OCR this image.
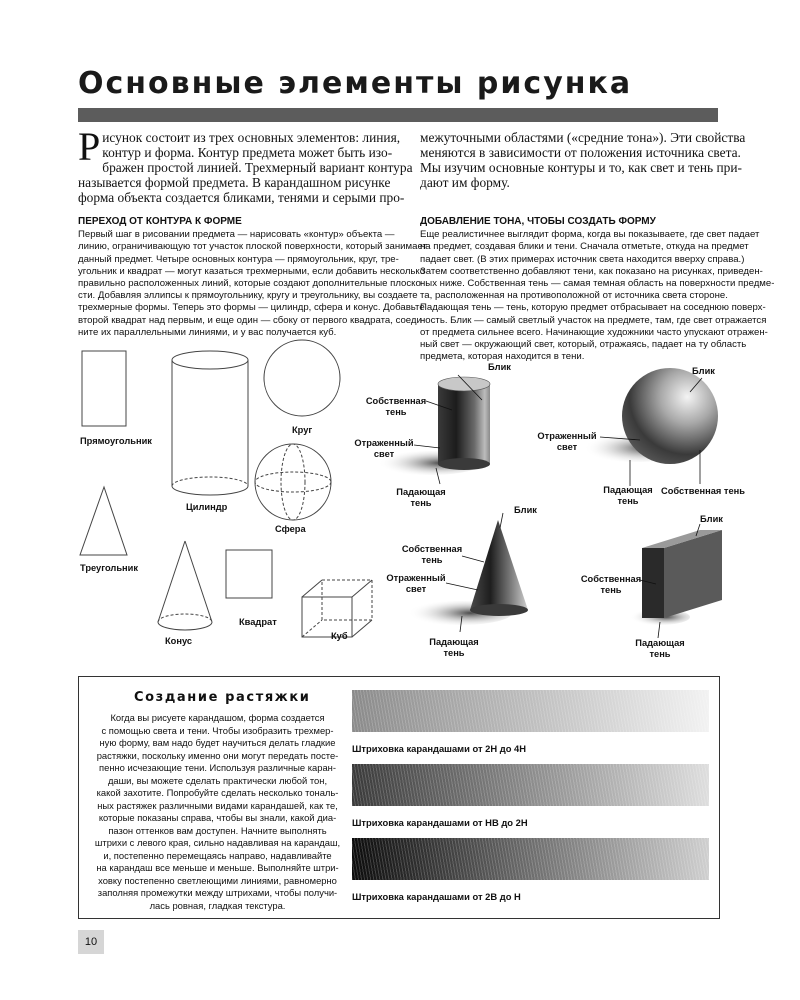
Основные элементы рисунка
Р исунок состоит из трех основных элементов: линия,
контур и форма. Контур предмета может быть изо-
бражен простой линией. Трехмерный вариант контура
называется формой предмета. В карандашном рисунке
форма объекта создается бликами, тенями и серыми про-
межуточными областями («средние тона»). Эти свойства
меняются в зависимости от положения источника света.
Мы изучим основные контуры и то, как свет и тень при-
дают им форму.
ПЕРЕХОД ОТ КОНТУРА К ФОРМЕ
Первый шаг в рисовании предмета — нарисовать «контур» объекта —
линию, ограничивающую тот участок плоской поверхности, который занимает
данный предмет. Четыре основных контура — прямоугольник, круг, тре-
угольник и квадрат — могут казаться трехмерными, если добавить несколько
правильно расположенных линий, которые создают дополнительные плоско-
сти. Добавляя эллипсы к прямоугольнику, кругу и треугольнику, вы создаете
трехмерные формы. Теперь это формы — цилиндр, сфера и конус. Добавьте
второй квадрат над первым, и еще один — сбоку от первого квадрата, соеди-
ните их параллельными линиями, и у вас получается куб.
ДОБАВЛЕНИЕ ТОНА, ЧТОБЫ СОЗДАТЬ ФОРМУ
Еще реалистичнее выглядит форма, когда вы показываете, где свет падает
на предмет, создавая блики и тени. Сначала отметьте, откуда на предмет
падает свет. (В этих примерах источник света находится вверху справа.)
Затем соответственно добавляют тени, как показано на рисунках, приведен-
ных ниже. Собственная тень — самая темная область на поверхности предме-
та, расположенная на противоположной от источника света стороне.
Падающая тень — тень, которую предмет отбрасывает на соседнюю поверх-
ность. Блик — самый светлый участок на предмете, там, где свет отражается
от предмета сильнее всего. Начинающие художники часто упускают отражен-
ный свет — окружающий свет, который, отражаясь, падает на ту область
предмета, которая находится в тени.
Прямоугольник
Круг
Цилиндр
Сфера
Треугольник
Конус
Квадрат
Куб
Блик
Собственная
тень
Отраженный
свет
Падающая
тень
Блик
Отраженный
свет
Падающая
тень
Собственная тень
Блик
Собственная
тень
Отраженный
свет
Падающая
тень
Блик
Собственная
тень
Падающая
тень
Создание растяжки
Когда вы рисуете карандашом, форма создается
с помощью света и тени. Чтобы изобразить трехмер-
ную форму, вам надо будет научиться делать гладкие
растяжки, поскольку именно они могут передать посте-
пенно исчезающие тени. Используя различные каран-
даши, вы можете сделать практически любой тон,
какой захотите. Попробуйте сделать несколько тональ-
ных растяжек различными видами карандашей, как те,
которые показаны справа, чтобы вы знали, какой диа-
пазон оттенков вам доступен. Начните выполнять
штрихи с левого края, сильно надавливая на карандаш,
и, постепенно перемещаясь направо, надавливайте
на карандаш все меньше и меньше. Выполняйте штри-
ховку постепенно светлеющими линиями, равномерно
заполняя промежутки между штрихами, чтобы получи-
лась ровная, гладкая текстура.
Штриховка карандашами от 2H до 4H
Штриховка карандашами от HB до 2H
Штриховка карандашами от 2B до H
10
